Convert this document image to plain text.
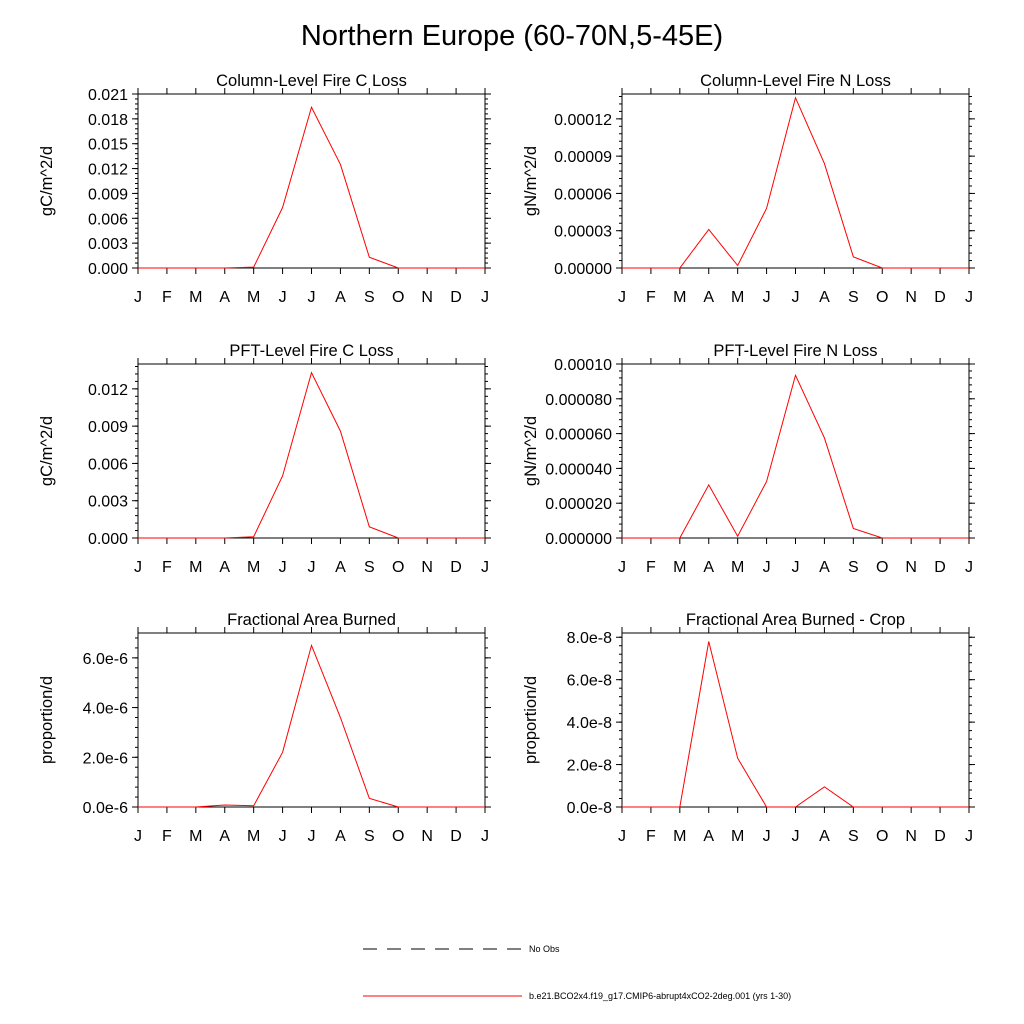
Northern Europe (60-70N,5-45E)
Column-Level Fire C Loss
gC/m^2/d
0.000
0.003
0.006
0.009
0.012
0.015
0.018
0.021
J F M A M J J A S O N D J
Column-Level Fire N Loss
gN/m^2/d
0.00000
0.00003
0.00006
0.00009
0.00012
J F M A M J J A S O N D J
PFT-Level Fire C Loss
gC/m^2/d
0.000
0.003
0.006
0.009
0.012
J F M A M J J A S O N D J
PFT-Level Fire N Loss
gN/m^2/d
0.000000
0.000020
0.000040
0.000060
0.000080
0.00010
J F M A M J J A S O N D J
Fractional Area Burned
proportion/d
0.0e-6
2.0e-6
4.0e-6
6.0e-6
J F M A M J J A S O N D J
Fractional Area Burned - Crop
proportion/d
0.0e-8
2.0e-8
4.0e-8
6.0e-8
8.0e-8
J F M A M J J A S O N D J
No Obs
b.e21.BCO2x4.f19_g17.CMIP6-abrupt4xCO2-2deg.001 (yrs 1-30)
